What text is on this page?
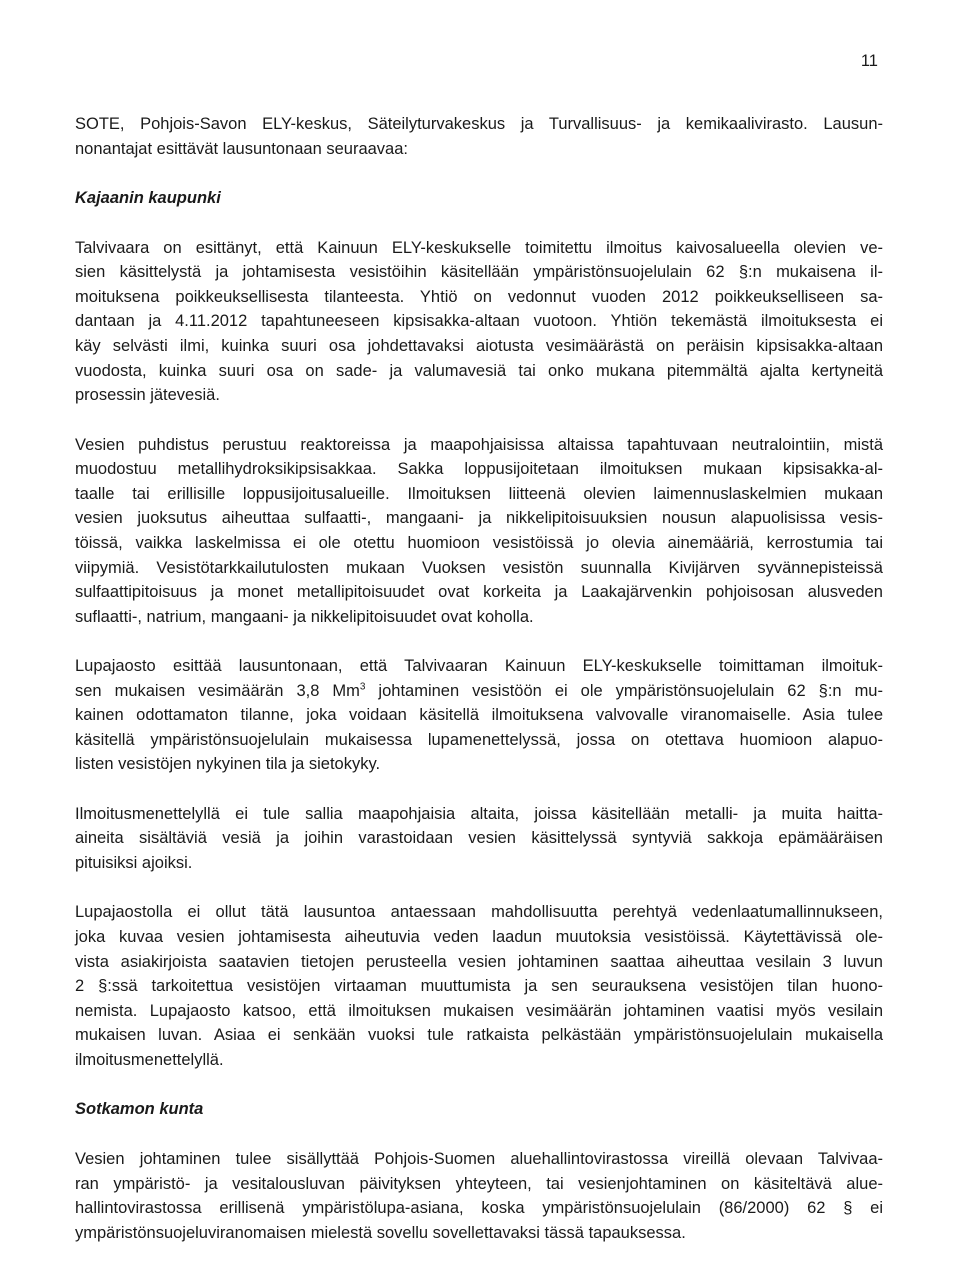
11

SOTE, Pohjois-Savon ELY-keskus, Säteilyturvakeskus ja Turvallisuus- ja kemikaalivirasto. Lausun-
nonantajat esittävät lausuntonaan seuraavaa:
Kajaanin kaupunki
Talvivaara on esittänyt, että Kainuun ELY-keskukselle toimitettu ilmoitus kaivosalueella olevien ve-
sien käsittelystä ja johtamisesta vesistöihin käsitellään ympäristönsuojelulain 62 §:n mukaisena il-
moituksena poikkeuksellisesta tilanteesta. Yhtiö on vedonnut vuoden 2012 poikkeukselliseen sa-
dantaan ja 4.11.2012 tapahtuneeseen kipsisakka-altaan vuotoon. Yhtiön tekemästä ilmoituksesta ei
käy selvästi ilmi, kuinka suuri osa johdettavaksi aiotusta vesimäärästä on peräisin kipsisakka-altaan
vuodosta, kuinka suuri osa on sade- ja valumavesiä tai onko mukana pitemmältä ajalta kertyneitä
prosessin jätevesiä.
Vesien puhdistus perustuu reaktoreissa ja maapohjaisissa altaissa tapahtuvaan neutralointiin, mistä
muodostuu metallihydroksikipsisakkaa. Sakka loppusijoitetaan ilmoituksen mukaan kipsisakka-al-
taalle tai erillisille loppusijoitusalueille. Ilmoituksen liitteenä olevien laimennuslaskelmien mukaan
vesien juoksutus aiheuttaa sulfaatti-, mangaani- ja nikkelipitoisuuksien nousun alapuolisissa vesis-
töissä, vaikka laskelmissa ei ole otettu huomioon vesistöissä jo olevia ainemääriä, kerrostumia tai
viipymiä. Vesistötarkkailutulosten mukaan Vuoksen vesistön suunnalla Kivijärven syvännepisteissä
sulfaattipitoisuus ja monet metallipitoisuudet ovat korkeita ja Laakajärvenkin pohjoisosan alusveden
suflaatti-, natrium, mangaani- ja nikkelipitoisuudet ovat koholla.
Lupajaosto esittää lausuntonaan, että Talvivaaran Kainuun ELY-keskukselle toimittaman ilmoituk-
sen mukaisen vesimäärän 3,8 Mm$^3$ johtaminen vesistöön ei ole ympäristönsuojelulain 62 §:n mu-
kainen odottamaton tilanne, joka voidaan käsitellä ilmoituksena valvovalle viranomaiselle. Asia tulee
käsitellä ympäristönsuojelulain mukaisessa lupamenettelyssä, jossa on otettava huomioon alapuo-
listen vesistöjen nykyinen tila ja sietokyky.
Ilmoitusmenettelyllä ei tule sallia maapohjaisia altaita, joissa käsitellään metalli- ja muita haitta-
aineita sisältäviä vesiä ja joihin varastoidaan vesien käsittelyssä syntyviä sakkoja epämääräisen
pituisiksi ajoiksi.
Lupajaostolla ei ollut tätä lausuntoa antaessaan mahdollisuutta perehtyä vedenlaatumallinnukseen,
joka kuvaa vesien johtamisesta aiheutuvia veden laadun muutoksia vesistöissä. Käytettävissä ole-
vista asiakirjoista saatavien tietojen perusteella vesien johtaminen saattaa aiheuttaa vesilain 3 luvun
2 §:ssä tarkoitettua vesistöjen virtaaman muuttumista ja sen seurauksena vesistöjen tilan huono-
nemista. Lupajaosto katsoo, että ilmoituksen mukaisen vesimäärän johtaminen vaatisi myös vesilain
mukaisen luvan. Asiaa ei senkään vuoksi tule ratkaista pelkästään ympäristönsuojelulain mukaisella
ilmoitusmenettelyllä.
Sotkamon kunta
Vesien johtaminen tulee sisällyttää Pohjois-Suomen aluehallintovirastossa vireillä olevaan Talvivaa-
ran ympäristö- ja vesitalousluvan päivityksen yhteyteen, tai vesienjohtaminen on käsiteltävä alue-
hallintovirastossa erillisenä ympäristölupa-asiana, koska ympäristönsuojelulain (86/2000) 62 § ei
ympäristönsuojeluviranomaisen mielestä sovellu sovellettavaksi tässä tapauksessa.
